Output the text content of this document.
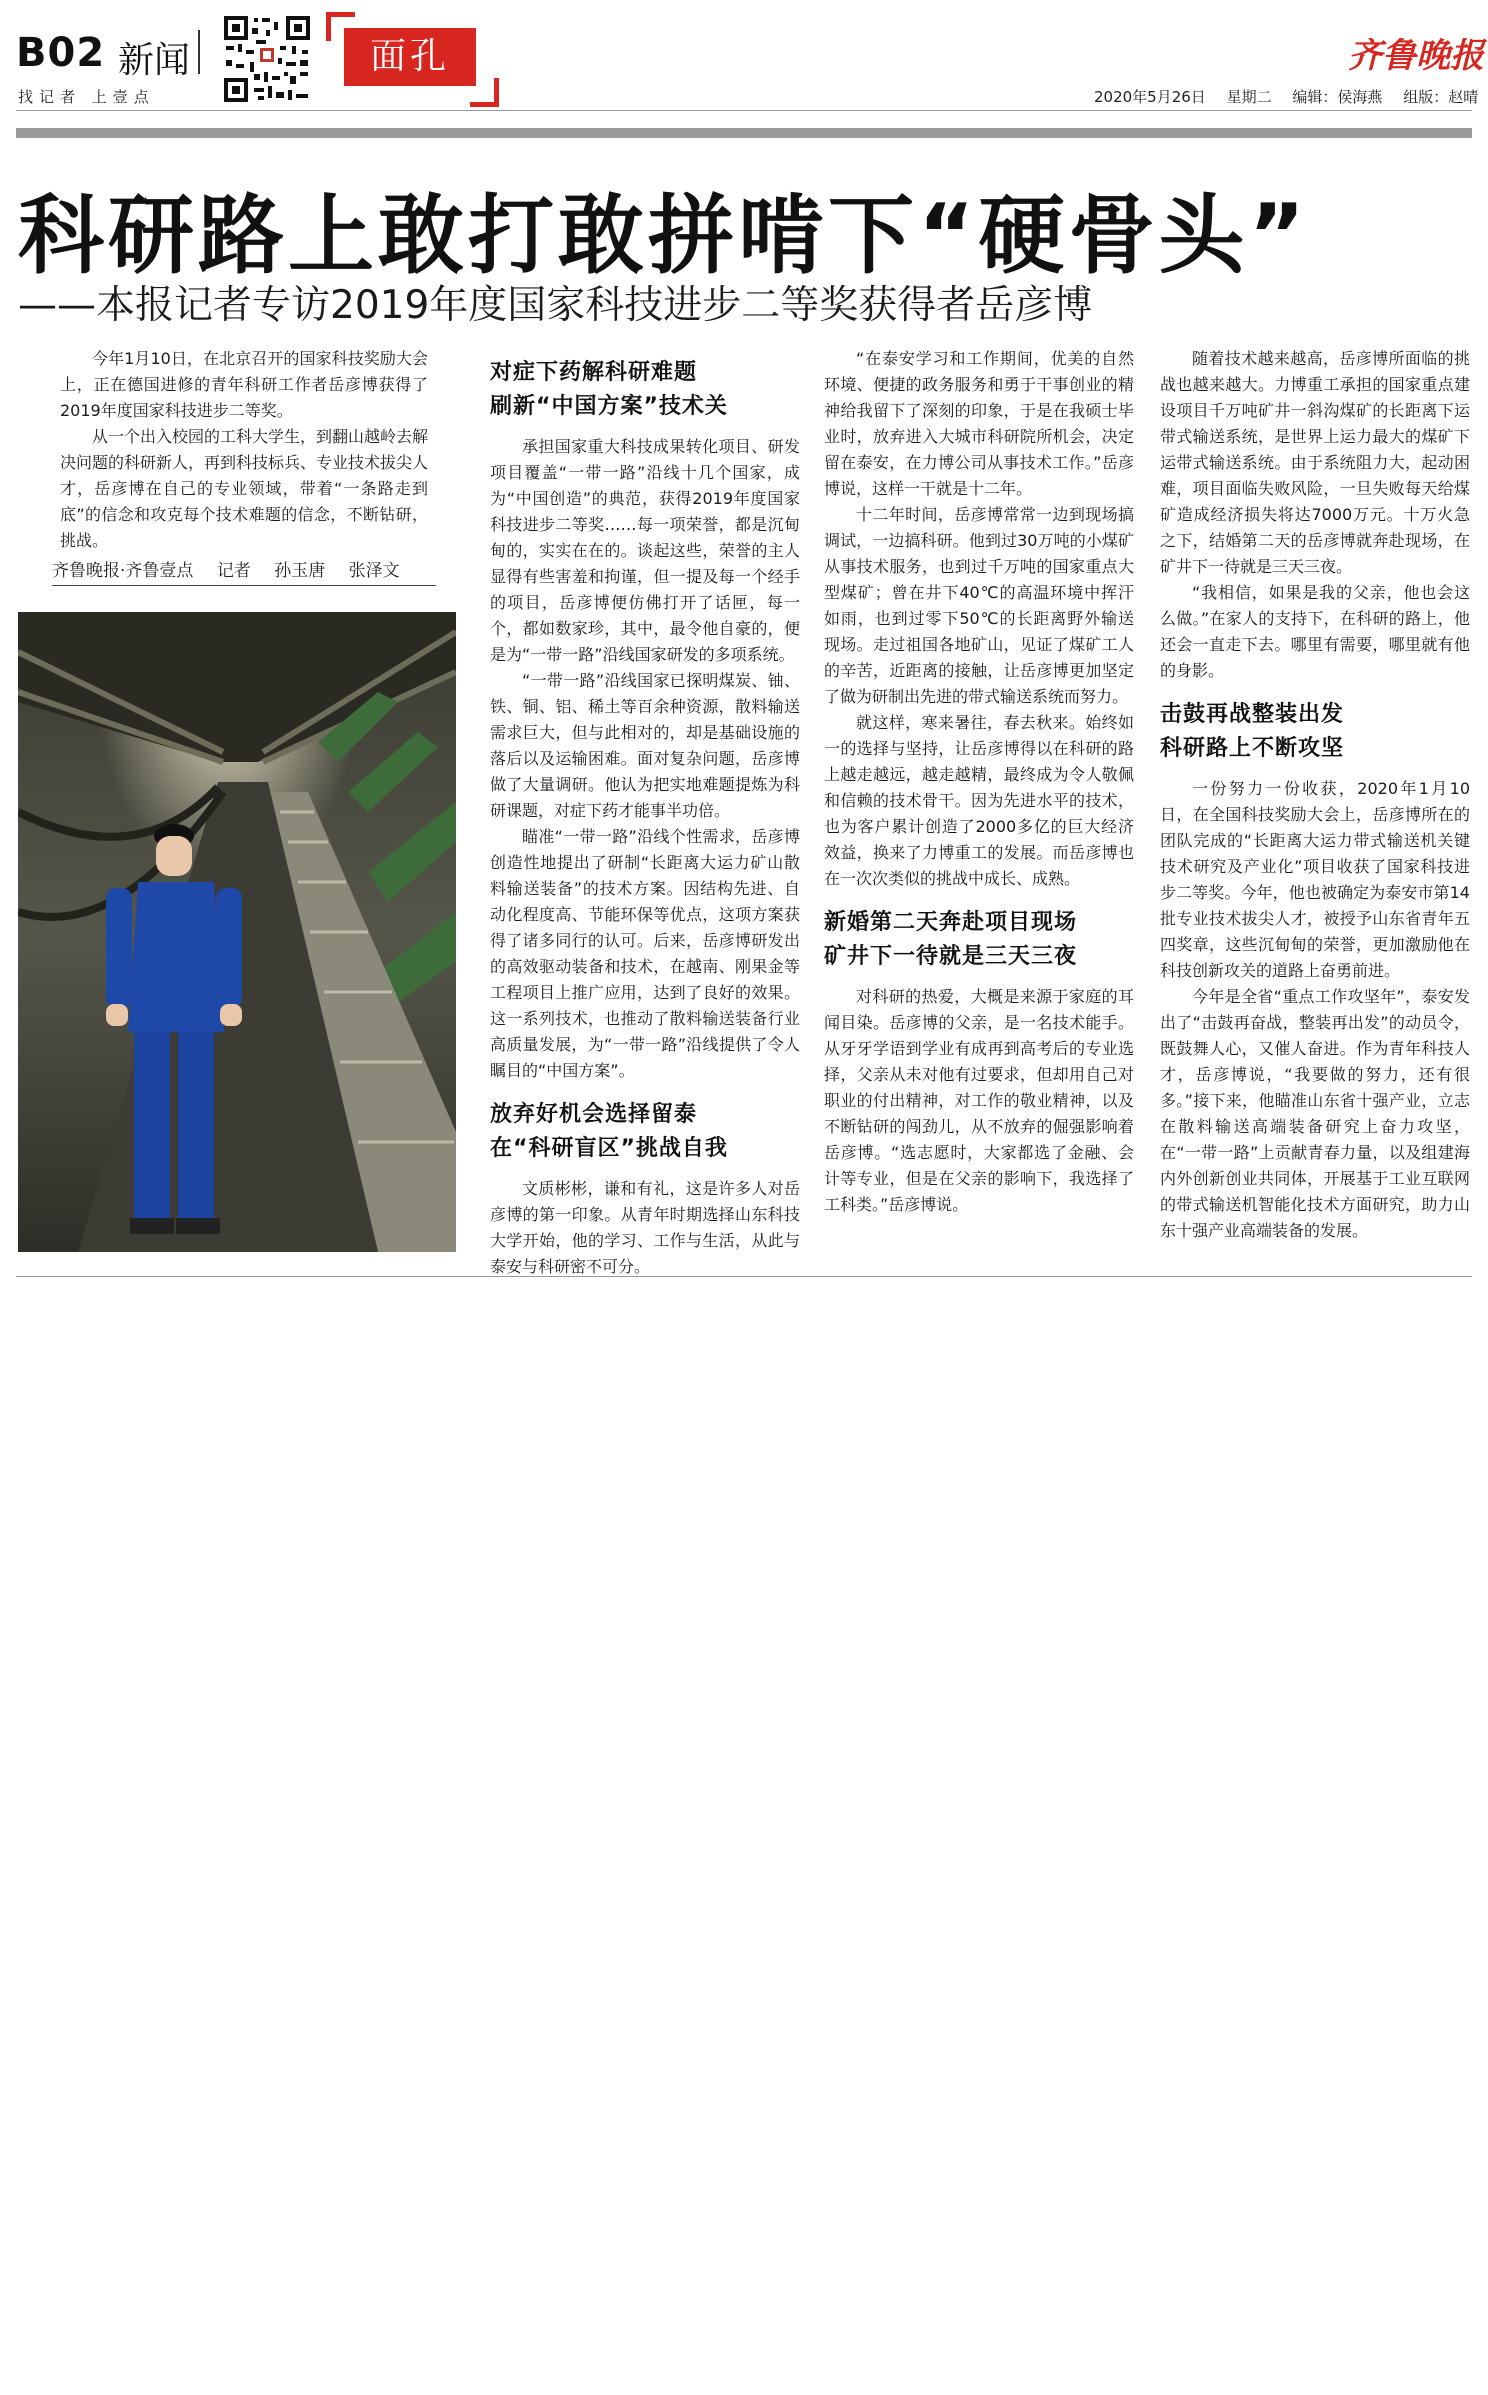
B02 新闻
找记者 上壹点
面孔	齐鲁晚报
2020年5月26日 星期二 编辑：侯海燕 组版：赵晴
科研路上敢打敢拼啃下“硬骨头”
——本报记者专访2019年度国家科技进步二等奖获得者岳彦博

今年1月10日，在北京召开的国家科技奖励大会上，正在德国进修的青年科研工作者岳彦博获得了2019年度国家科技进步二等奖。

从一个出入校园的工科大学生，到翻山越岭去解决问题的科研新人，再到科技标兵、专业技术拔尖人才，岳彦博在自己的专业领域，带着“一条路走到底”的信念和攻克每个技术难题的信念，不断钻研，挑战。

齐鲁晚报·齐鲁壹点 记者 孙玉唐 张泽文

对症下药解科研难题

刷新“中国方案”技术关

承担国家重大科技成果转化项目、研发项目覆盖“一带一路”沿线十几个国家，成为“中国创造”的典范，获得2019年度国家科技进步二等奖……每一项荣誉，都是沉甸甸的，实实在在的。谈起这些，荣誉的主人显得有些害羞和拘谨，但一提及每一个经手的项目，岳彦博便仿佛打开了话匣，每一个，都如数家珍，其中，最令他自豪的，便是为“一带一路”沿线国家研发的多项系统。

“一带一路”沿线国家已探明煤炭、铀、铁、铜、铝、稀土等百余种资源，散料输送需求巨大，但与此相对的，却是基础设施的落后以及运输困难。面对复杂问题，岳彦博做了大量调研。他认为把实地难题提炼为科研课题，对症下药才能事半功倍。

瞄准“一带一路”沿线个性需求，岳彦博创造性地提出了研制“长距离大运力矿山散料输送装备”的技术方案。因结构先进、自动化程度高、节能环保等优点，这项方案获得了诸多同行的认可。后来，岳彦博研发出的高效驱动装备和技术，在越南、刚果金等工程项目上推广应用，达到了良好的效果。这一系列技术，也推动了散料输送装备行业高质量发展，为“一带一路”沿线提供了令人瞩目的“中国方案”。

放弃好机会选择留泰

在“科研盲区”挑战自我

文质彬彬，谦和有礼，这是许多人对岳彦博的第一印象。从青年时期选择山东科技大学开始，他的学习、工作与生活，从此与泰安与科研密不可分。

“在泰安学习和工作期间，优美的自然环境、便捷的政务服务和勇于干事创业的精神给我留下了深刻的印象，于是在我硕士毕业时，放弃进入大城市科研院所机会，决定留在泰安，在力博公司从事技术工作。”岳彦博说，这样一干就是十二年。

十二年时间，岳彦博常常一边到现场搞调试，一边搞科研。他到过30万吨的小煤矿从事技术服务，也到过千万吨的国家重点大型煤矿；曾在井下40℃的高温环境中挥汗如雨，也到过零下50℃的长距离野外输送现场。走过祖国各地矿山，见证了煤矿工人的辛苦，近距离的接触，让岳彦博更加坚定了做为研制出先进的带式输送系统而努力。

就这样，寒来暑往，春去秋来。始终如一的选择与坚持，让岳彦博得以在科研的路上越走越远，越走越精，最终成为令人敬佩和信赖的技术骨干。因为先进水平的技术，也为客户累计创造了2000多亿的巨大经济效益，换来了力博重工的发展。而岳彦博也在一次次类似的挑战中成长、成熟。

新婚第二天奔赴项目现场

矿井下一待就是三天三夜

对科研的热爱，大概是来源于家庭的耳闻目染。岳彦博的父亲，是一名技术能手。从牙牙学语到学业有成再到高考后的专业选择，父亲从未对他有过要求，但却用自己对职业的付出精神，对工作的敬业精神，以及不断钻研的闯劲儿，从不放弃的倔强影响着岳彦博。“选志愿时，大家都选了金融、会计等专业，但是在父亲的影响下，我选择了工科类。”岳彦博说。

随着技术越来越高，岳彦博所面临的挑战也越来越大。力博重工承担的国家重点建设项目千万吨矿井一斜沟煤矿的长距离下运带式输送系统，是世界上运力最大的煤矿下运带式输送系统。由于系统阻力大，起动困难，项目面临失败风险，一旦失败每天给煤矿造成经济损失将达7000万元。十万火急之下，结婚第二天的岳彦博就奔赴现场，在矿井下一待就是三天三夜。

“我相信，如果是我的父亲，他也会这么做。”在家人的支持下，在科研的路上，他还会一直走下去。哪里有需要，哪里就有他的身影。

击鼓再战整装出发

科研路上不断攻坚

一份努力一份收获，2020年1月10日，在全国科技奖励大会上，岳彦博所在的团队完成的“长距离大运力带式输送机关键技术研究及产业化”项目收获了国家科技进步二等奖。今年，他也被确定为泰安市第14批专业技术拔尖人才，被授予山东省青年五四奖章，这些沉甸甸的荣誉，更加激励他在科技创新攻关的道路上奋勇前进。

今年是全省“重点工作攻坚年”，泰安发出了“击鼓再奋战，整装再出发”的动员令，既鼓舞人心，又催人奋进。作为青年科技人才，岳彦博说，“我要做的努力，还有很多。”接下来，他瞄准山东省十强产业，立志在散料输送高端装备研究上奋力攻坚，在“一带一路”上贡献青春力量，以及组建海内外创新创业共同体，开展基于工业互联网的带式输送机智能化技术方面研究，助力山东十强产业高端装备的发展。
